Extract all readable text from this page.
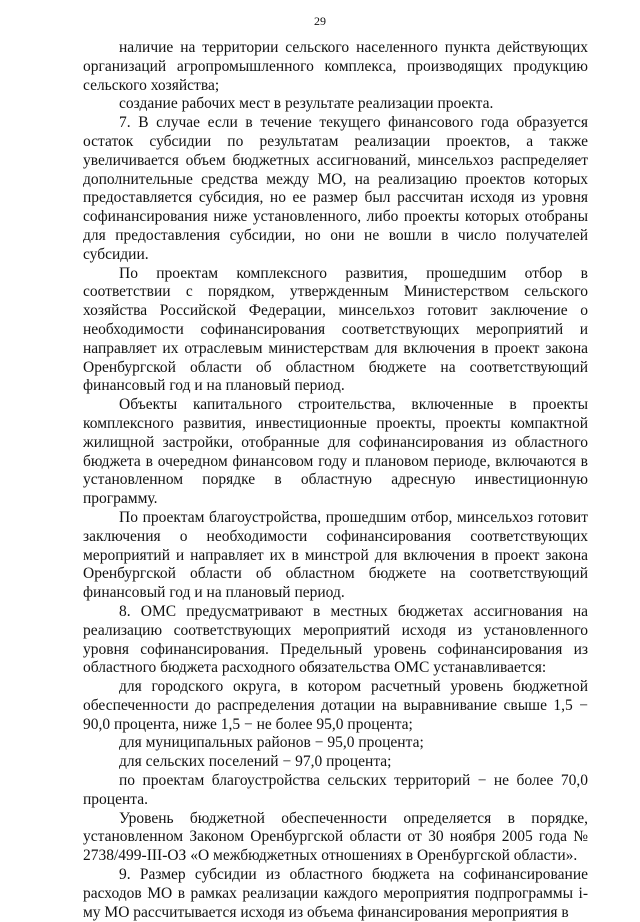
29

наличие на территории сельского населенного пункта действующих организаций агропромышленного комплекса, производящих продукцию сельского хозяйства;

создание рабочих мест в результате реализации проекта.

7. В случае если в течение текущего финансового года образуется остаток субсидии по результатам реализации проектов, а также увеличивается объем бюджетных ассигнований, минсельхоз распределяет дополнительные средства между МО, на реализацию проектов которых предоставляется субсидия, но ее размер был рассчитан исходя из уровня софинансирования ниже установленного, либо проекты которых отобраны для предоставления субсидии, но они не вошли в число получателей субсидии.

По проектам комплексного развития, прошедшим отбор в соответствии с порядком, утвержденным Министерством сельского хозяйства Российской Федерации, минсельхоз готовит заключение о необходимости софинансирования соответствующих мероприятий и направляет их отраслевым министерствам для включения в проект закона Оренбургской области об областном бюджете на соответствующий финансовый год и на плановый период.

Объекты капитального строительства, включенные в проекты комплексного развития, инвестиционные проекты, проекты компактной жилищной застройки, отобранные для софинансирования из областного бюджета в очередном финансовом году и плановом периоде, включаются в установленном порядке в областную адресную инвестиционную программу.

По проектам благоустройства, прошедшим отбор, минсельхоз готовит заключения о необходимости софинансирования соответствующих мероприятий и направляет их в минстрой для включения в проект закона Оренбургской области об областном бюджете на соответствующий финансовый год и на плановый период.

8. ОМС предусматривают в местных бюджетах ассигнования на реализацию соответствующих мероприятий исходя из установленного уровня софинансирования. Предельный уровень софинансирования из областного бюджета расходного обязательства ОМС устанавливается:

для городского округа, в котором расчетный уровень бюджетной обеспеченности до распределения дотации на выравнивание свыше 1,5 − 90,0 процента, ниже 1,5 − не более 95,0 процента;

для муниципальных районов − 95,0 процента;

для сельских поселений − 97,0 процента;

по проектам благоустройства сельских территорий − не более 70,0 процента.

Уровень бюджетной обеспеченности определяется в порядке, установленном Законом Оренбургской области от 30 ноября 2005 года № 2738/499-III-ОЗ «О межбюджетных отношениях в Оренбургской области».

9. Размер субсидии из областного бюджета на софинансирование расходов МО в рамках реализации каждого мероприятия подпрограммы i-му МО рассчитывается исходя из объема финансирования мероприятия в
